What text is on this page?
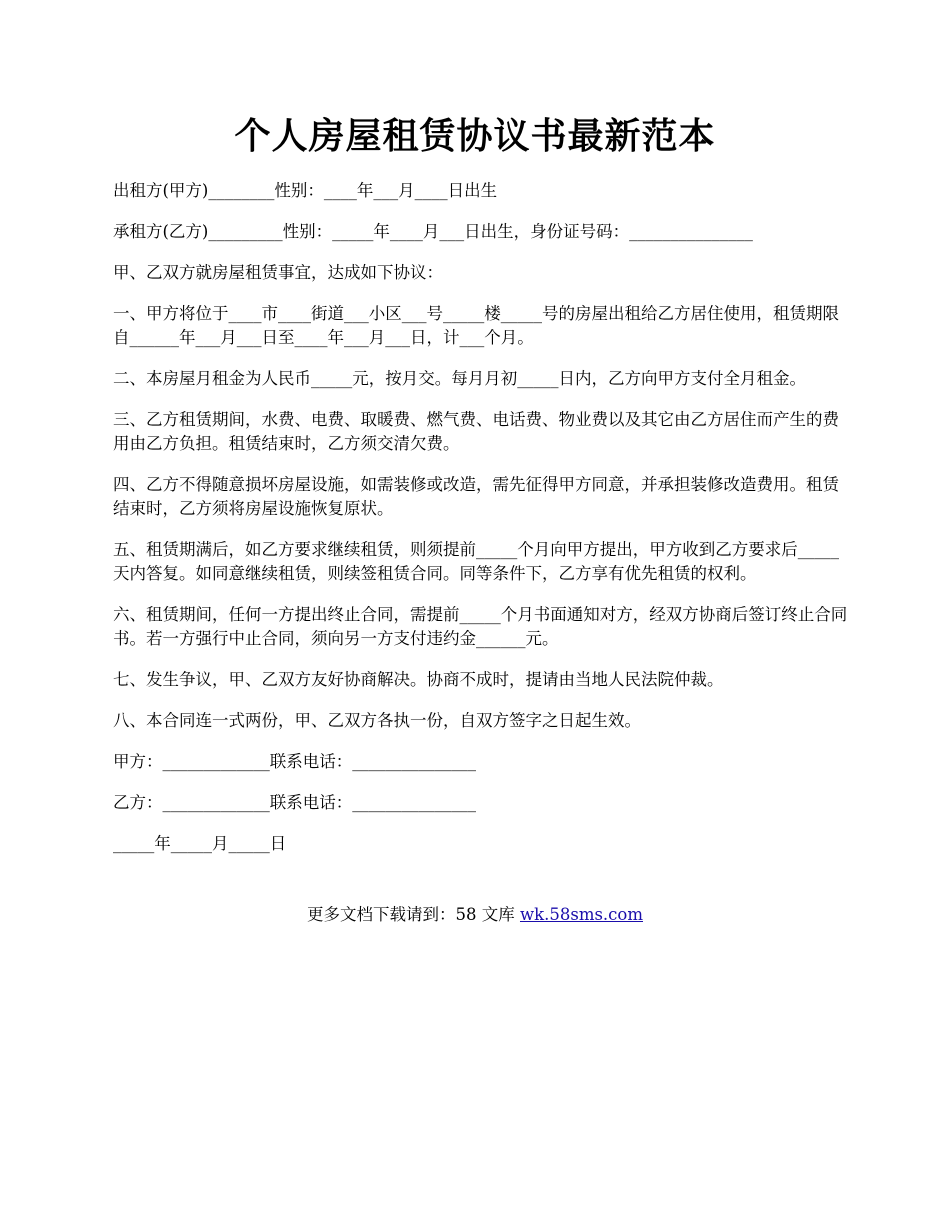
个人房屋租赁协议书最新范本

出租方(甲方)________性别：____年___月____日出生

承租方(乙方)_________性别：_____年____月___日出生，身份证号码：_______________

甲、乙双方就房屋租赁事宜，达成如下协议：

一、甲方将位于____市____街道___小区___号_____楼_____号的房屋出租给乙方居住使用，租赁期限自______年___月___日至____年___月___日，计___个月。

二、本房屋月租金为人民币_____元，按月交。每月月初_____日内，乙方向甲方支付全月租金。

三、乙方租赁期间，水费、电费、取暖费、燃气费、电话费、物业费以及其它由乙方居住而产生的费用由乙方负担。租赁结束时，乙方须交清欠费。

四、乙方不得随意损坏房屋设施，如需装修或改造，需先征得甲方同意，并承担装修改造费用。租赁结束时，乙方须将房屋设施恢复原状。

五、租赁期满后，如乙方要求继续租赁，则须提前_____个月向甲方提出，甲方收到乙方要求后_____天内答复。如同意继续租赁，则续签租赁合同。同等条件下，乙方享有优先租赁的权利。

六、租赁期间，任何一方提出终止合同，需提前_____个月书面通知对方，经双方协商后签订终止合同书。若一方强行中止合同，须向另一方支付违约金______元。

七、发生争议，甲、乙双方友好协商解决。协商不成时，提请由当地人民法院仲裁。

八、本合同连一式两份，甲、乙双方各执一份，自双方签字之日起生效。

甲方：_____________联系电话：_______________

乙方：_____________联系电话：_______________

_____年_____月_____日

更多文档下载请到：58 文库 wk.58sms.com
